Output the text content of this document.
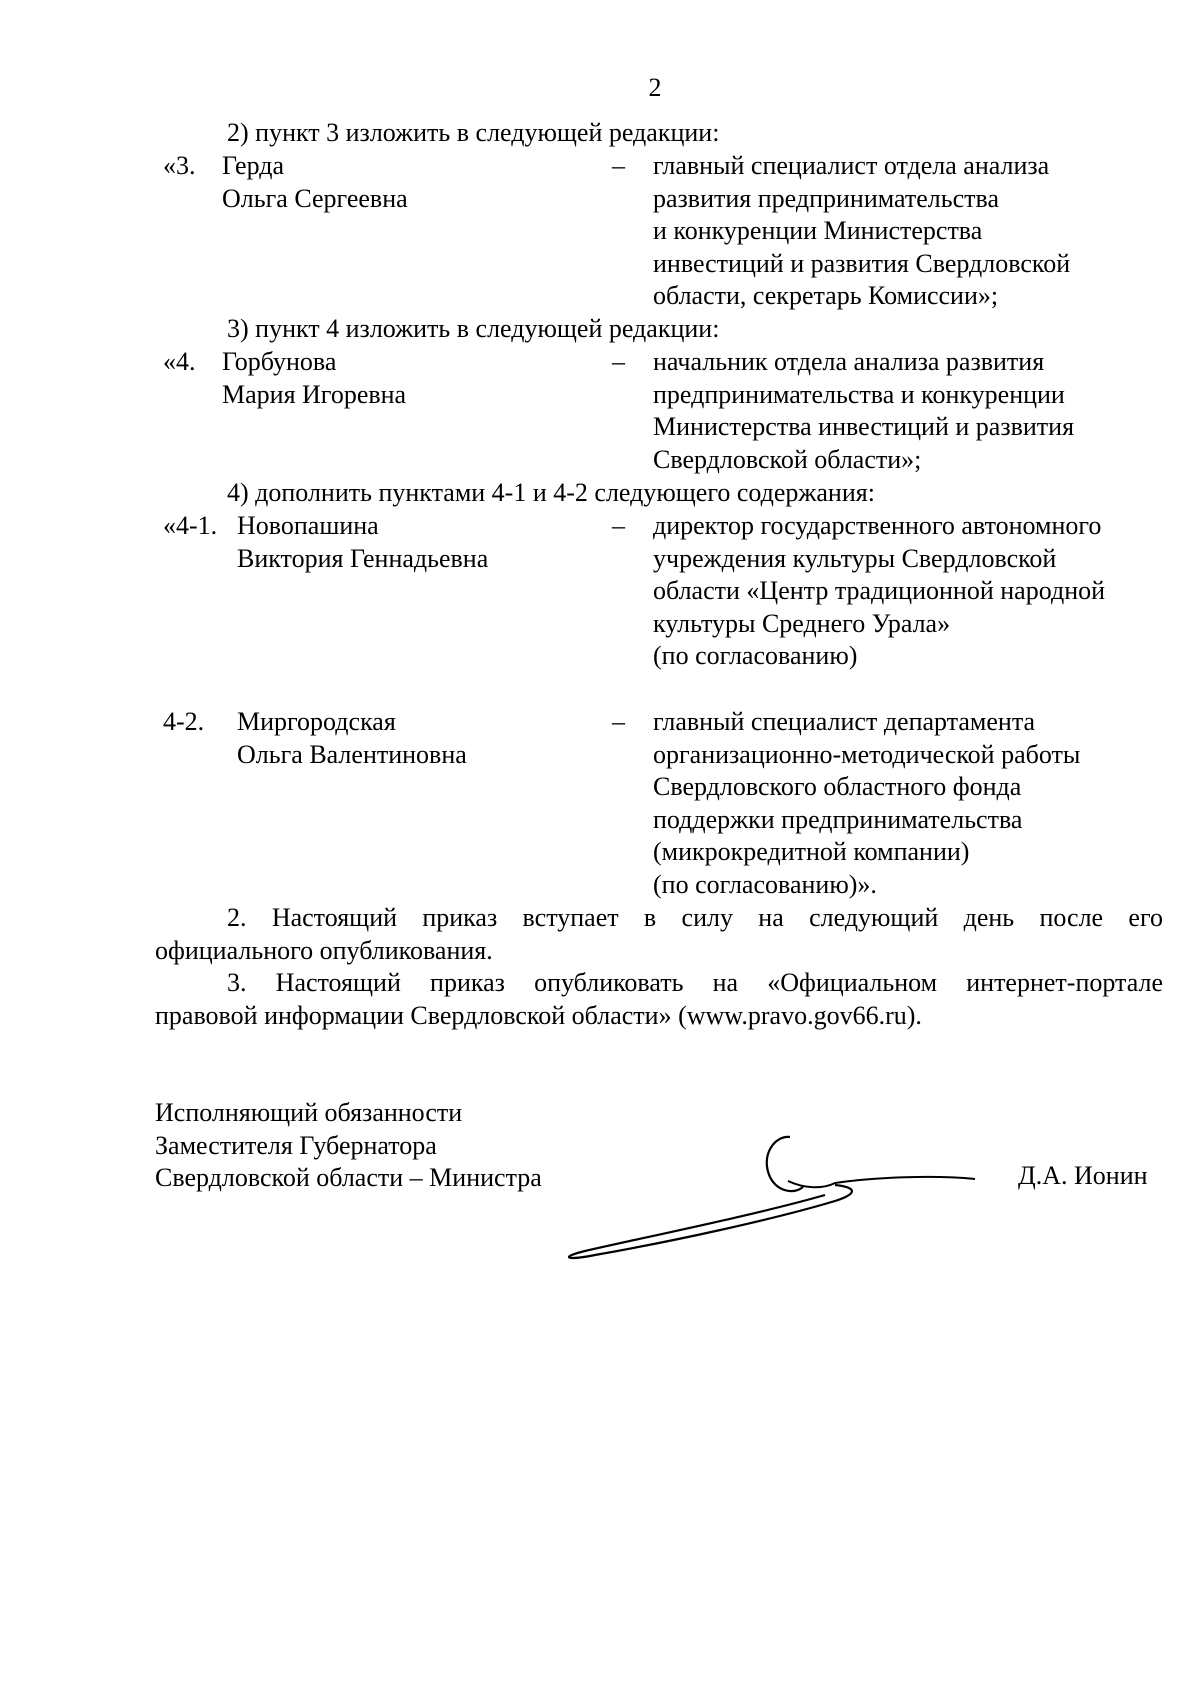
2
2) пункт 3 изложить в следующей редакции:
«3. Герда
Ольга Сергеевна
– главный специалист отдела анализа
развития предпринимательства
и конкуренции Министерства
инвестиций и развития Свердловской
области, секретарь Комиссии»;
3) пункт 4 изложить в следующей редакции:
«4. Горбунова
Мария Игоревна
– начальник отдела анализа развития
предпринимательства и конкуренции
Министерства инвестиций и развития
Свердловской области»;
4) дополнить пунктами 4-1 и 4-2 следующего содержания:
«4-1. Новопашина
Виктория Геннадьевна
– директор государственного автономного
учреждения культуры Свердловской
области «Центр традиционной народной
культуры Среднего Урала»
(по согласованию)
4-2. Миргородская
Ольга Валентиновна
– главный специалист департамента
организационно-методической работы
Свердловского областного фонда
поддержки предпринимательства
(микрокредитной компании)
(по согласованию)».
2. Настоящий приказ вступает в силу на следующий день после его
официального опубликования.
3. Настоящий приказ опубликовать на «Официальном интернет-портале
правовой информации Свердловской области» (www.pravo.gov66.ru).
Исполняющий обязанности
Заместителя Губернатора
Свердловской области – Министра	Д.А. Ионин
